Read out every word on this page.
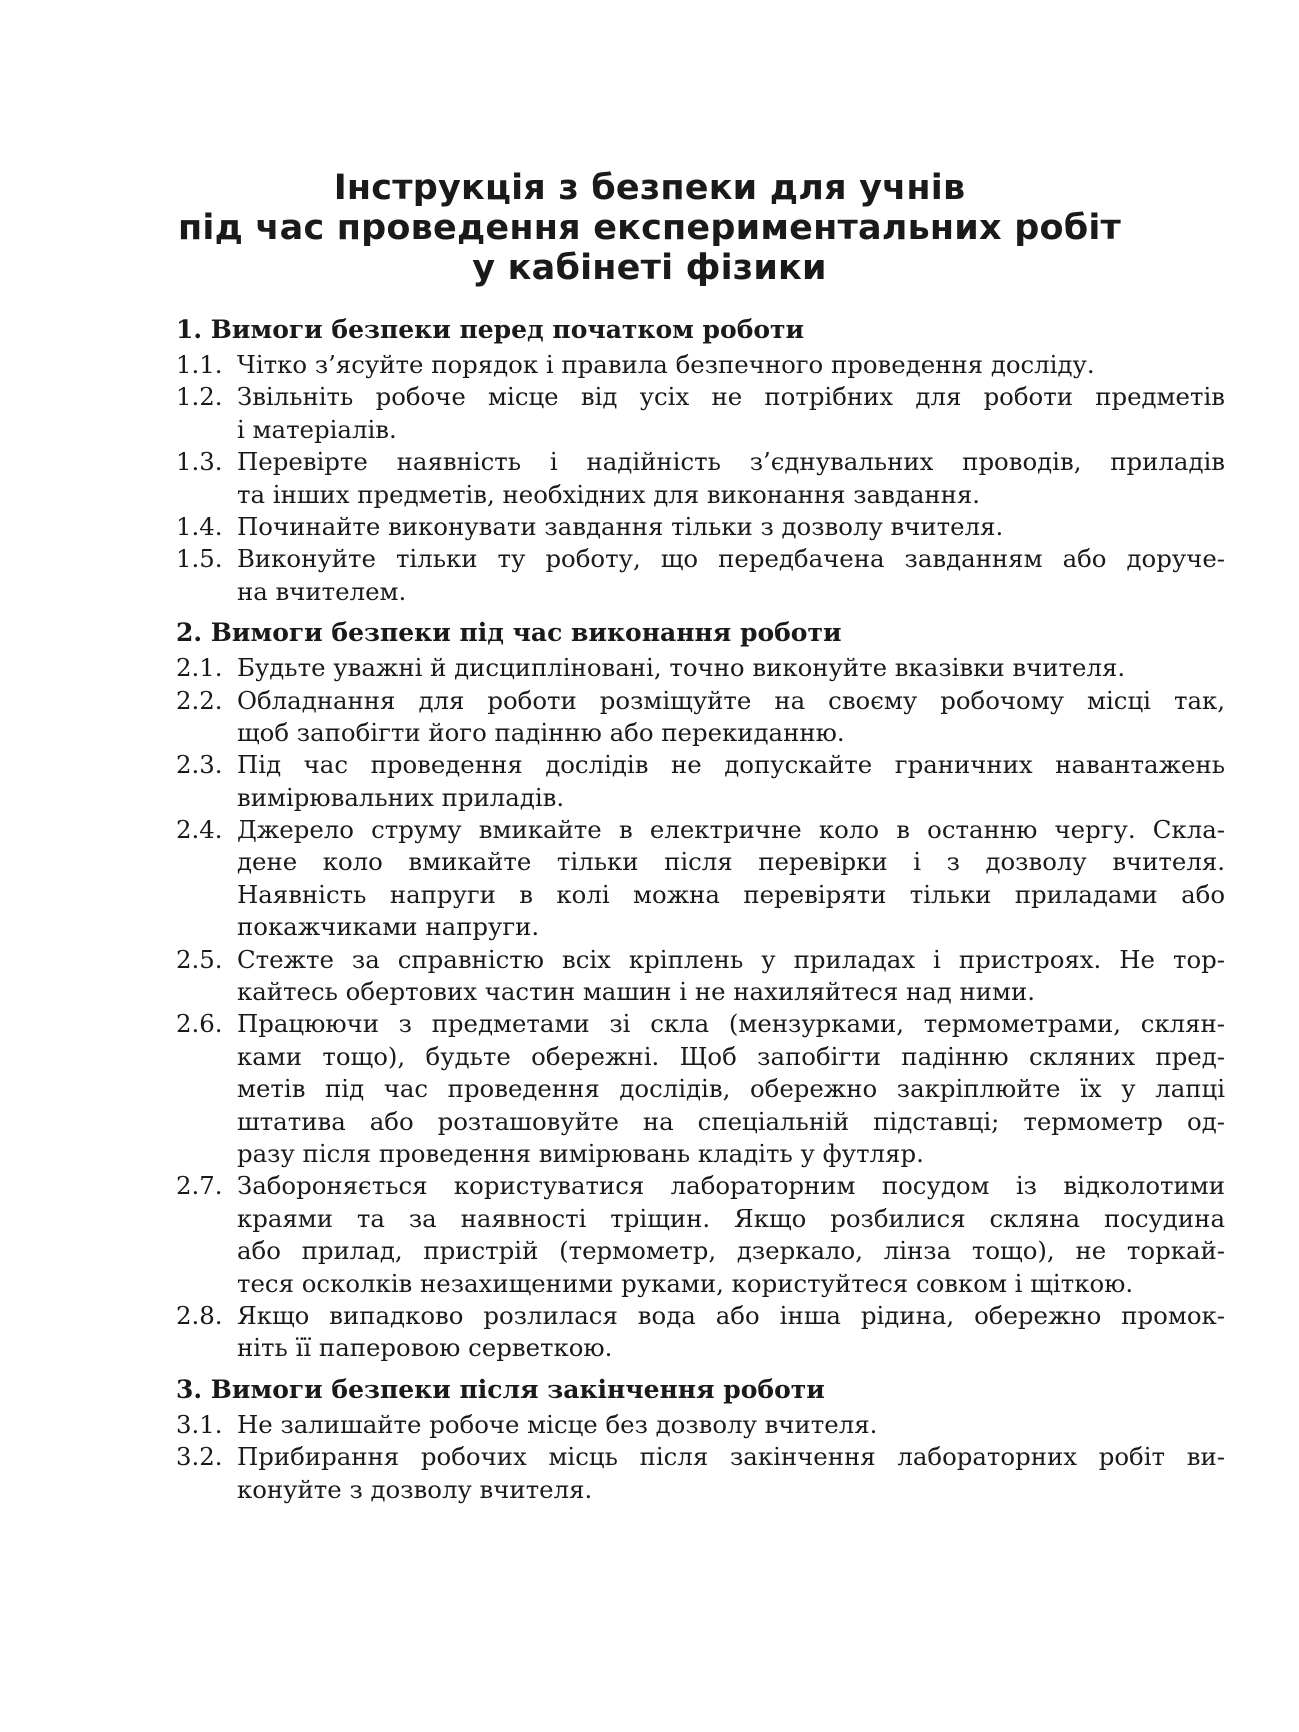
Інструкція з безпеки для учнів
під час проведення експериментальних робіт
у кабінеті фізики
1. Вимоги безпеки перед початком роботи
1.1. Чітко з’ясуйте порядок і правила безпечного проведення досліду.
1.2. Звільніть робоче місце від усіх не потрібних для роботи предметів
і матеріалів.
1.3. Перевірте наявність і надійність з’єднувальних проводів, приладів
та інших предметів, необхідних для виконання завдання.
1.4. Починайте виконувати завдання тільки з дозволу вчителя.
1.5. Виконуйте тільки ту роботу, що передбачена завданням або доруче-
на вчителем.
2. Вимоги безпеки під час виконання роботи
2.1. Будьте уважні й дисципліновані, точно виконуйте вказівки вчителя.
2.2. Обладнання для роботи розміщуйте на своєму робочому місці так,
щоб запобігти його падінню або перекиданню.
2.3. Під час проведення дослідів не допускайте граничних навантажень
вимірювальних приладів.
2.4. Джерело струму вмикайте в електричне коло в останню чергу. Скла-
дене коло вмикайте тільки після перевірки і з дозволу вчителя.
Наявність напруги в колі можна перевіряти тільки приладами або
покажчиками напруги.
2.5. Стежте за справністю всіх кріплень у приладах і пристроях. Не тор-
кайтесь обертових частин машин і не нахиляйтеся над ними.
2.6. Працюючи з предметами зі скла (мензурками, термометрами, склян-
ками тощо), будьте обережні. Щоб запобігти падінню скляних пред-
метів під час проведення дослідів, обережно закріплюйте їх у лапці
штатива або розташовуйте на спеціальній підставці; термометр од-
разу після проведення вимірювань кладіть у футляр.
2.7. Забороняється користуватися лабораторним посудом із відколотими
краями та за наявності тріщин. Якщо розбилися скляна посудина
або прилад, пристрій (термометр, дзеркало, лінза тощо), не торкай-
теся осколків незахищеними руками, користуйтеся совком і щіткою.
2.8. Якщо випадково розлилася вода або інша рідина, обережно промок-
ніть її паперовою серветкою.
3. Вимоги безпеки після закінчення роботи
3.1. Не залишайте робоче місце без дозволу вчителя.
3.2. Прибирання робочих місць після закінчення лабораторних робіт ви-
конуйте з дозволу вчителя.
